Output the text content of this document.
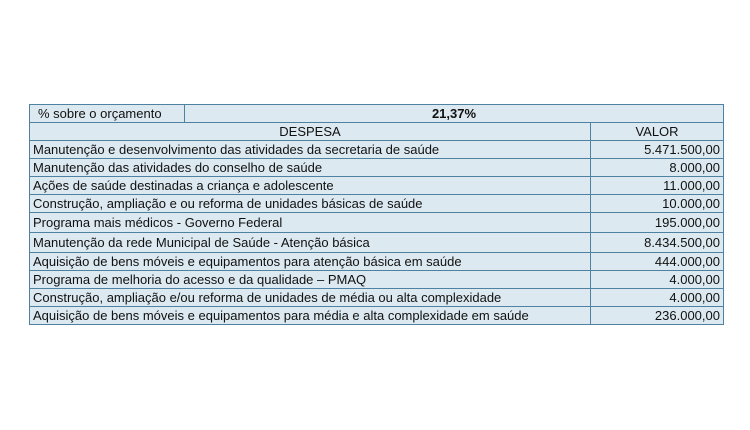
% sobre o orçamento	21,37%	
DESPESA		VALOR
Manutenção e desenvolvimento das atividades da secretaria de saúde		5.471.500,00
Manutenção das atividades do conselho de saúde		8.000,00
Ações de saúde destinadas a criança e adolescente		11.000,00
Construção, ampliação e ou reforma de unidades básicas de saúde		10.000,00
Programa mais médicos - Governo Federal		195.000,00
Manutenção da rede Municipal de Saúde - Atenção básica		8.434.500,00
Aquisição de bens móveis e equipamentos para atenção básica em saúde		444.000,00
Programa de melhoria do acesso e da qualidade – PMAQ		4.000,00
Construção, ampliação e/ou reforma de unidades de média ou alta complexidade		4.000,00
Aquisição de bens móveis e equipamentos para média e alta complexidade em saúde		236.000,00
